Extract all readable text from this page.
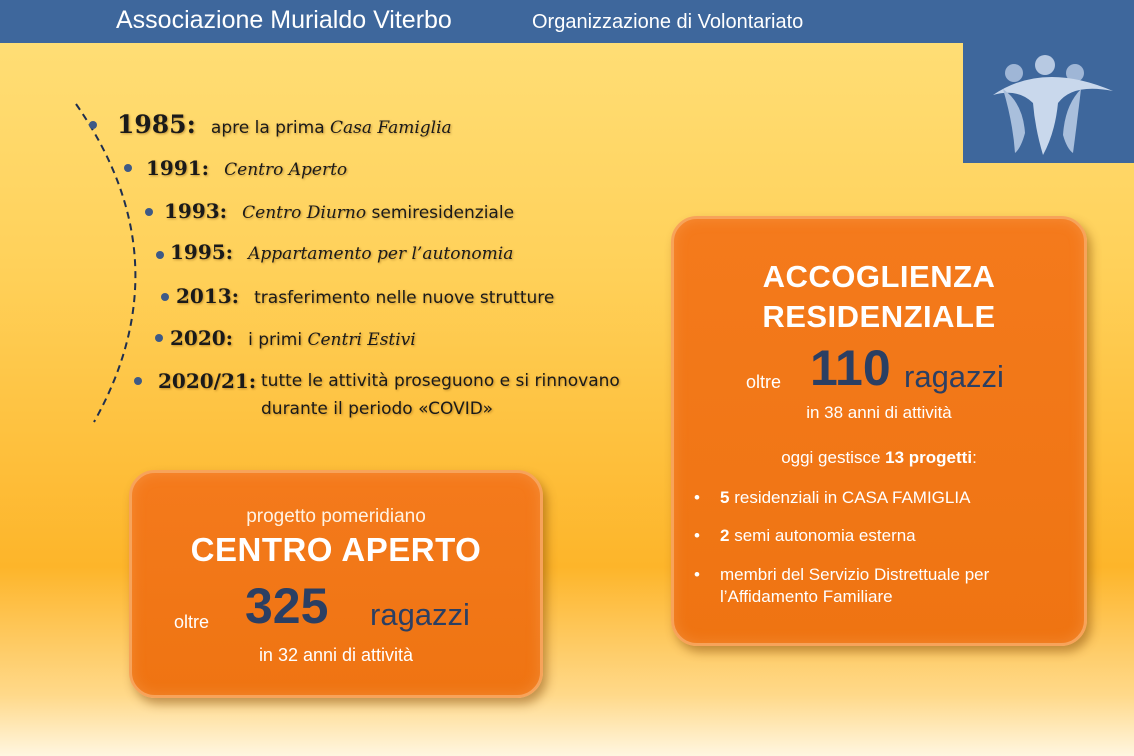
Associazione Murialdo Viterbo	Organizzazione di Volontariato
1985: apre la prima Casa Famiglia
1991: Centro Aperto
1993: Centro Diurno semiresidenziale
1995: Appartamento per l’autonomia
2013: trasferimento nelle nuove strutture
2020: i primi Centri Estivi
2020/21: tutte le attività proseguono e si rinnovano
durante il periodo «COVID»
progetto pomeridiano
CENTRO APERTO
oltre 325 ragazzi
in 32 anni di attività
ACCOGLIENZA
RESIDENZIALE
oltre 110 ragazzi
in 38 anni di attività
oggi gestisce 13 progetti:
• 5 residenziali in CASA FAMIGLIA
• 2 semi autonomia esterna
• membri del Servizio Distrettuale per
l’Affidamento Familiare
